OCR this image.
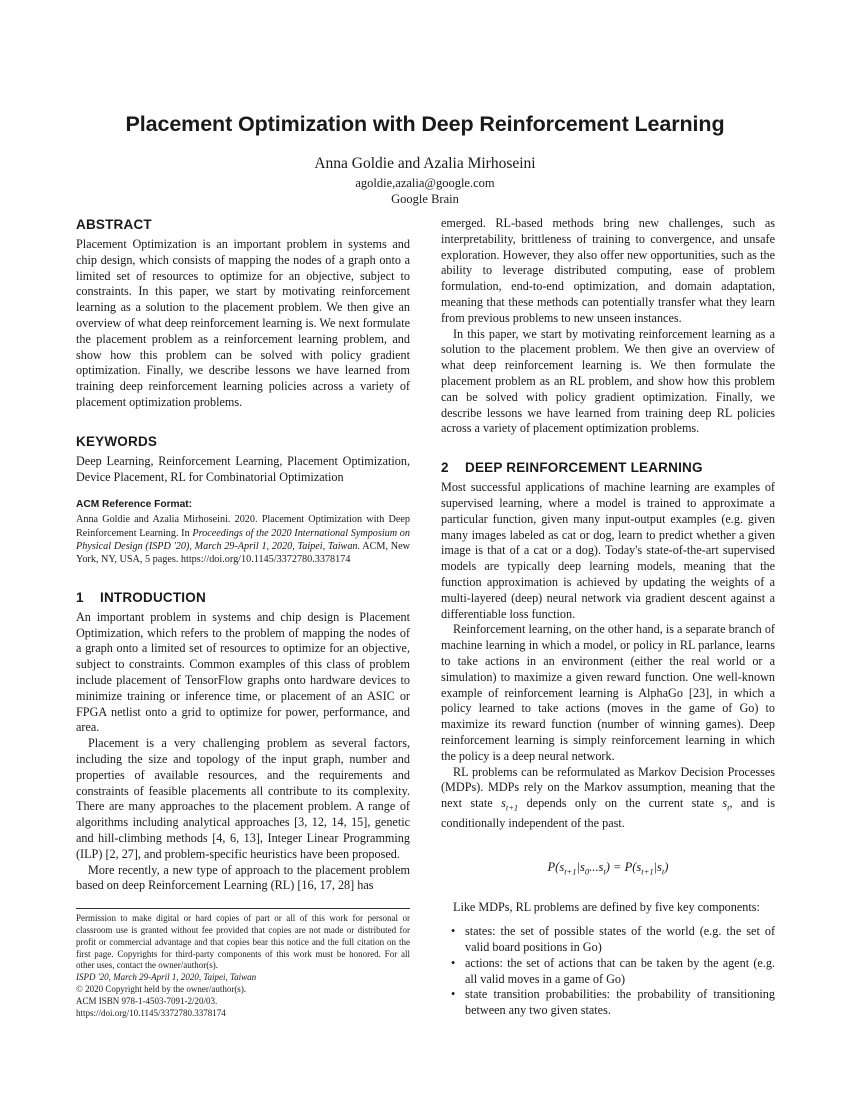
Placement Optimization with Deep Reinforcement Learning
Anna Goldie and Azalia Mirhoseini
agoldie,azalia@google.com
Google Brain
ABSTRACT

Placement Optimization is an important problem in systems and chip design, which consists of mapping the nodes of a graph onto a limited set of resources to optimize for an objective, subject to constraints. In this paper, we start by motivating reinforcement learning as a solution to the placement problem. We then give an overview of what deep reinforcement learning is. We next formulate the placement problem as a reinforcement learning problem, and show how this problem can be solved with policy gradient optimization. Finally, we describe lessons we have learned from training deep reinforcement learning policies across a variety of placement optimization problems.

KEYWORDS

Deep Learning, Reinforcement Learning, Placement Optimization, Device Placement, RL for Combinatorial Optimization

ACM Reference Format:

Anna Goldie and Azalia Mirhoseini. 2020. Placement Optimization with Deep Reinforcement Learning. In Proceedings of the 2020 International Symposium on Physical Design (ISPD '20), March 29-April 1, 2020, Taipei, Taiwan. ACM, New York, NY, USA, 5 pages. https://doi.org/10.1145/3372780.3378174

1 INTRODUCTION

An important problem in systems and chip design is Placement Optimization, which refers to the problem of mapping the nodes of a graph onto a limited set of resources to optimize for an objective, subject to constraints. Common examples of this class of problem include placement of TensorFlow graphs onto hardware devices to minimize training or inference time, or placement of an ASIC or FPGA netlist onto a grid to optimize for power, performance, and area.

Placement is a very challenging problem as several factors, including the size and topology of the input graph, number and properties of available resources, and the requirements and constraints of feasible placements all contribute to its complexity. There are many approaches to the placement problem. A range of algorithms including analytical approaches [3, 12, 14, 15], genetic and hill-climbing methods [4, 6, 13], Integer Linear Programming (ILP) [2, 27], and problem-specific heuristics have been proposed.

More recently, a new type of approach to the placement problem based on deep Reinforcement Learning (RL) [16, 17, 28] has

Permission to make digital or hard copies of part or all of this work for personal or classroom use is granted without fee provided that copies are not made or distributed for profit or commercial advantage and that copies bear this notice and the full citation on the first page. Copyrights for third-party components of this work must be honored. For all other uses, contact the owner/author(s).

ISPD '20, March 29-April 1, 2020, Taipei, Taiwan

© 2020 Copyright held by the owner/author(s).

ACM ISBN 978-1-4503-7091-2/20/03.

https://doi.org/10.1145/3372780.3378174

emerged. RL-based methods bring new challenges, such as interpretability, brittleness of training to convergence, and unsafe exploration. However, they also offer new opportunities, such as the ability to leverage distributed computing, ease of problem formulation, end-to-end optimization, and domain adaptation, meaning that these methods can potentially transfer what they learn from previous problems to new unseen instances.

In this paper, we start by motivating reinforcement learning as a solution to the placement problem. We then give an overview of what deep reinforcement learning is. We then formulate the placement problem as an RL problem, and show how this problem can be solved with policy gradient optimization. Finally, we describe lessons we have learned from training deep RL policies across a variety of placement optimization problems.

2 DEEP REINFORCEMENT LEARNING

Most successful applications of machine learning are examples of supervised learning, where a model is trained to approximate a particular function, given many input-output examples (e.g. given many images labeled as cat or dog, learn to predict whether a given image is that of a cat or a dog). Today's state-of-the-art supervised models are typically deep learning models, meaning that the function approximation is achieved by updating the weights of a multi-layered (deep) neural network via gradient descent against a differentiable loss function.

Reinforcement learning, on the other hand, is a separate branch of machine learning in which a model, or policy in RL parlance, learns to take actions in an environment (either the real world or a simulation) to maximize a given reward function. One well-known example of reinforcement learning is AlphaGo [23], in which a policy learned to take actions (moves in the game of Go) to maximize its reward function (number of winning games). Deep reinforcement learning is simply reinforcement learning in which the policy is a deep neural network.

RL problems can be reformulated as Markov Decision Processes (MDPs). MDPs rely on the Markov assumption, meaning that the next state $s_{t+1}$ depends only on the current state $s_t$, and is conditionally independent of the past.

$P(s_{t+1}|s_0...s_t) = P(s_{t+1}|s_t)$

Like MDPs, RL problems are defined by five key components:

• states: the set of possible states of the world (e.g. the set of valid board positions in Go)
• actions: the set of actions that can be taken by the agent (e.g. all valid moves in a game of Go)
• state transition probabilities: the probability of transitioning between any two given states.
